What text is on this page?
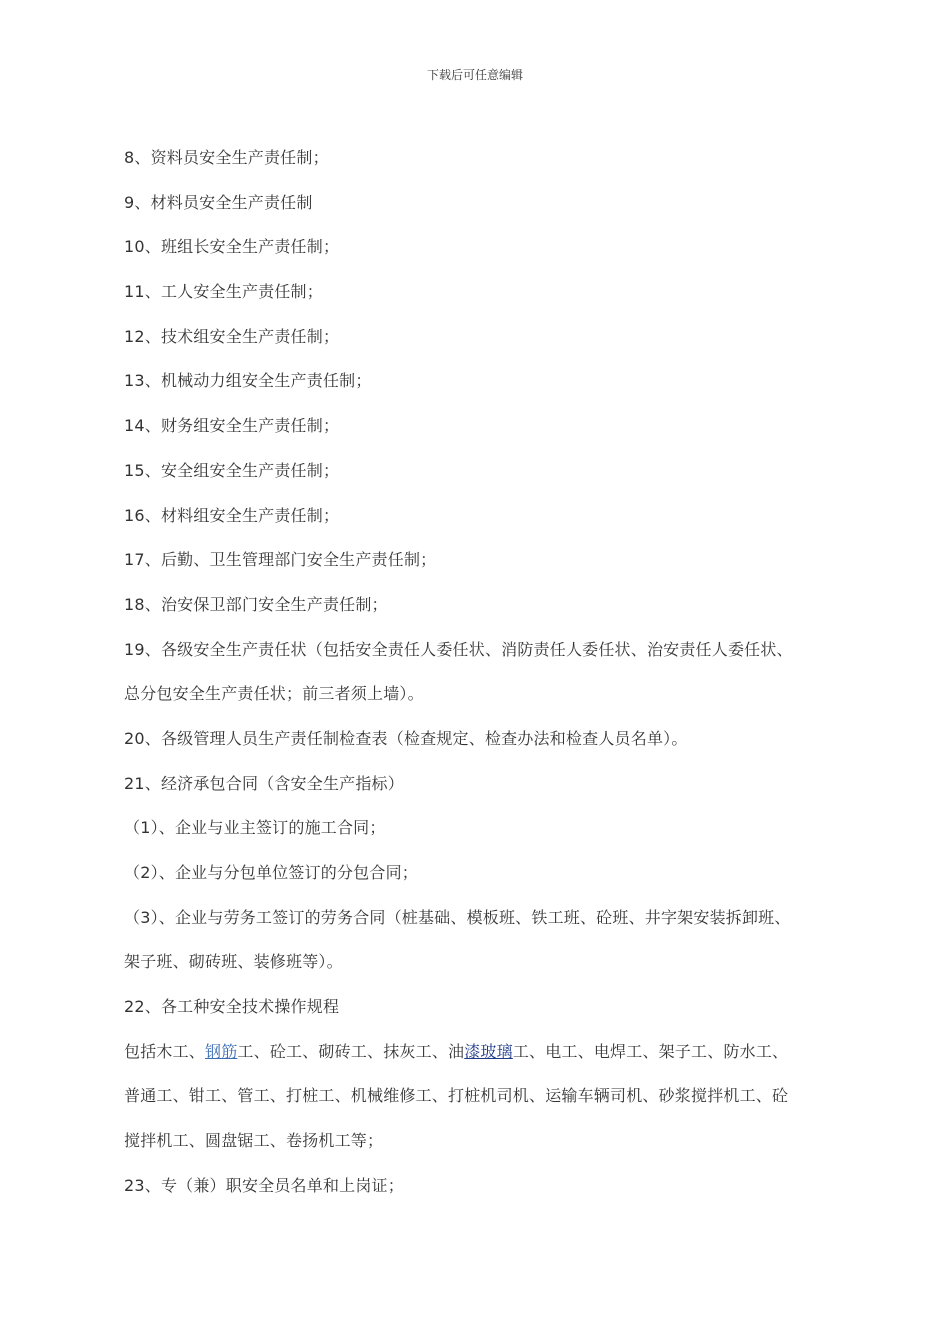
下载后可任意编辑
8、资料员安全生产责任制；
9、材料员安全生产责任制
10、班组长安全生产责任制；
11、工人安全生产责任制；
12、技术组安全生产责任制；
13、机械动力组安全生产责任制；
14、财务组安全生产责任制；
15、安全组安全生产责任制；
16、材料组安全生产责任制；
17、后勤、卫生管理部门安全生产责任制；
18、治安保卫部门安全生产责任制；
19、各级安全生产责任状（包括安全责任人委任状、消防责任人委任状、治安责任人委任状、
总分包安全生产责任状；前三者须上墙）。
20、各级管理人员生产责任制检查表（检查规定、检查办法和检查人员名单）。
21、经济承包合同（含安全生产指标）
（1）、企业与业主签订的施工合同；
（2）、企业与分包单位签订的分包合同；
（3）、企业与劳务工签订的劳务合同（桩基础、模板班、铁工班、砼班、井字架安装拆卸班、
架子班、砌砖班、装修班等）。
22、各工种安全技术操作规程
包括木工、钢筋工、砼工、砌砖工、抹灰工、油漆玻璃工、电工、电焊工、架子工、防水工、
普通工、钳工、管工、打桩工、机械维修工、打桩机司机、运输车辆司机、砂浆搅拌机工、砼
搅拌机工、圆盘锯工、卷扬机工等；
23、专（兼）职安全员名单和上岗证；
